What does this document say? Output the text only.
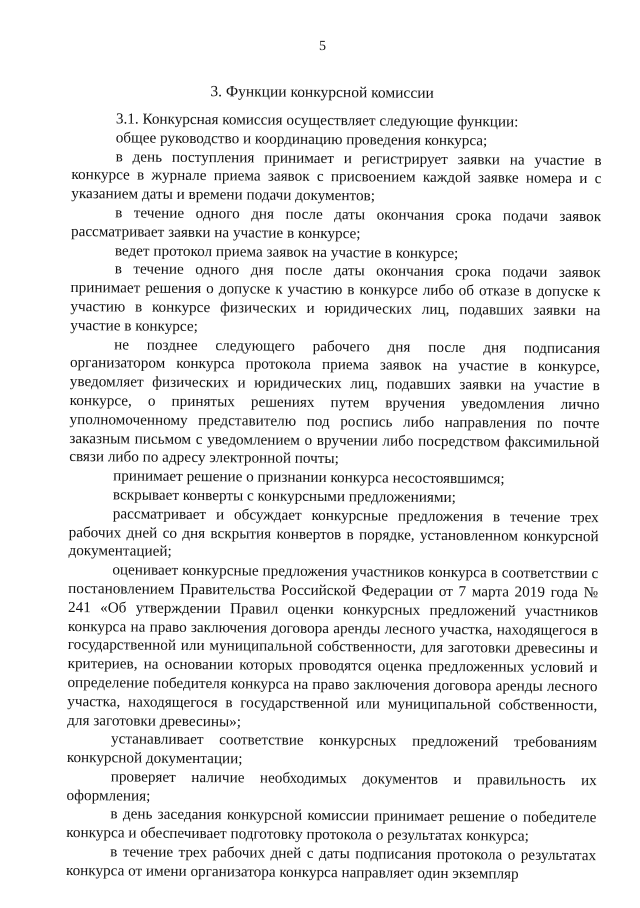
5
3. Функции конкурсной комиссии

3.1. Конкурсная комиссия осуществляет следующие функции:

общее руководство и координацию проведения конкурса;

в день поступления принимает и регистрирует заявки на участие в конкурсе в журнале приема заявок с присвоением каждой заявке номера и с указанием даты и времени подачи документов;

в течение одного дня после даты окончания срока подачи заявок рассматривает заявки на участие в конкурсе;

ведет протокол приема заявок на участие в конкурсе;

в течение одного дня после даты окончания срока подачи заявок принимает решения о допуске к участию в конкурсе либо об отказе в допуске к участию в конкурсе физических и юридических лиц, подавших заявки на участие в конкурсе;

не позднее следующего рабочего дня после дня подписания организатором конкурса протокола приема заявок на участие в конкурсе, уведомляет физических и юридических лиц, подавших заявки на участие в конкурсе, о принятых решениях путем вручения уведомления лично уполномоченному представителю под роспись либо направления по почте заказным письмом с уведомлением о вручении либо посредством факсимильной связи либо по адресу электронной почты;

принимает решение о признании конкурса несостоявшимся;

вскрывает конверты с конкурсными предложениями;

рассматривает и обсуждает конкурсные предложения в течение трех рабочих дней со дня вскрытия конвертов в порядке, установленном конкурсной документацией;

оценивает конкурсные предложения участников конкурса в соответствии с постановлением Правительства Российской Федерации от 7 марта 2019 года № 241 «Об утверждении Правил оценки конкурсных предложений участников конкурса на право заключения договора аренды лесного участка, находящегося в государственной или муниципальной собственности, для заготовки древесины и критериев, на основании которых проводятся оценка предложенных условий и определение победителя конкурса на право заключения договора аренды лесного участка, находящегося в государственной или муниципальной собственности, для заготовки древесины»;

устанавливает соответствие конкурсных предложений требованиям конкурсной документации;

проверяет наличие необходимых документов и правильность их оформления;

в день заседания конкурсной комиссии принимает решение о победителе конкурса и обеспечивает подготовку протокола о результатах конкурса;

в течение трех рабочих дней с даты подписания протокола о результатах конкурса от имени организатора конкурса направляет один экземпляр
